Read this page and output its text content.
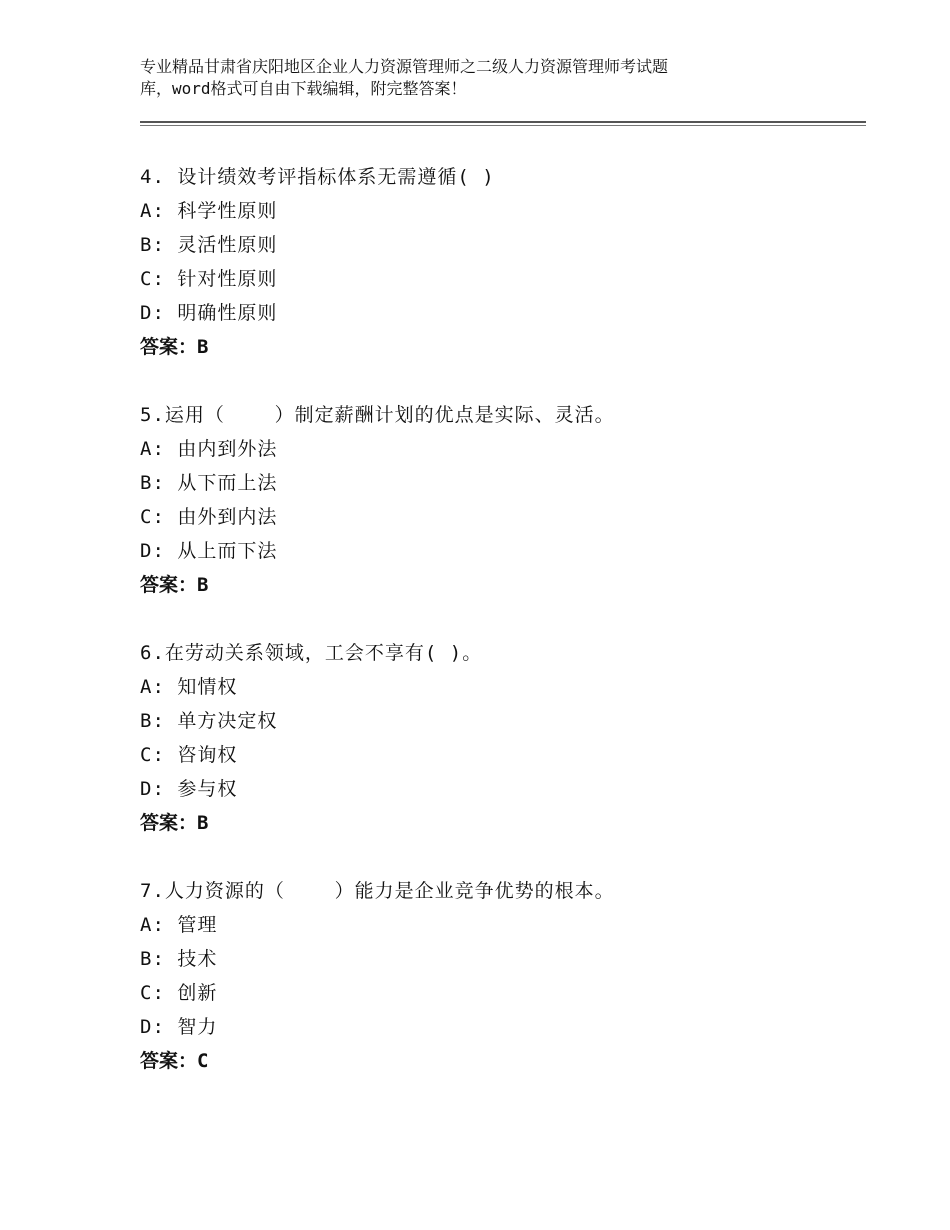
专业精品甘肃省庆阳地区企业人力资源管理师之二级人力资源管理师考试题
库，word格式可自由下载编辑，附完整答案！
4. 设计绩效考评指标体系无需遵循( )
A: 科学性原则
B: 灵活性原则
C: 针对性原则
D: 明确性原则
答案：B
5.运用（    ）制定薪酬计划的优点是实际、灵活。
A: 由内到外法
B: 从下而上法
C: 由外到内法
D: 从上而下法
答案：B
6.在劳动关系领域，工会不享有( )。
A: 知情权
B: 单方决定权
C: 咨询权
D: 参与权
答案：B
7.人力资源的（    ）能力是企业竞争优势的根本。
A: 管理
B: 技术
C: 创新
D: 智力
答案：C
